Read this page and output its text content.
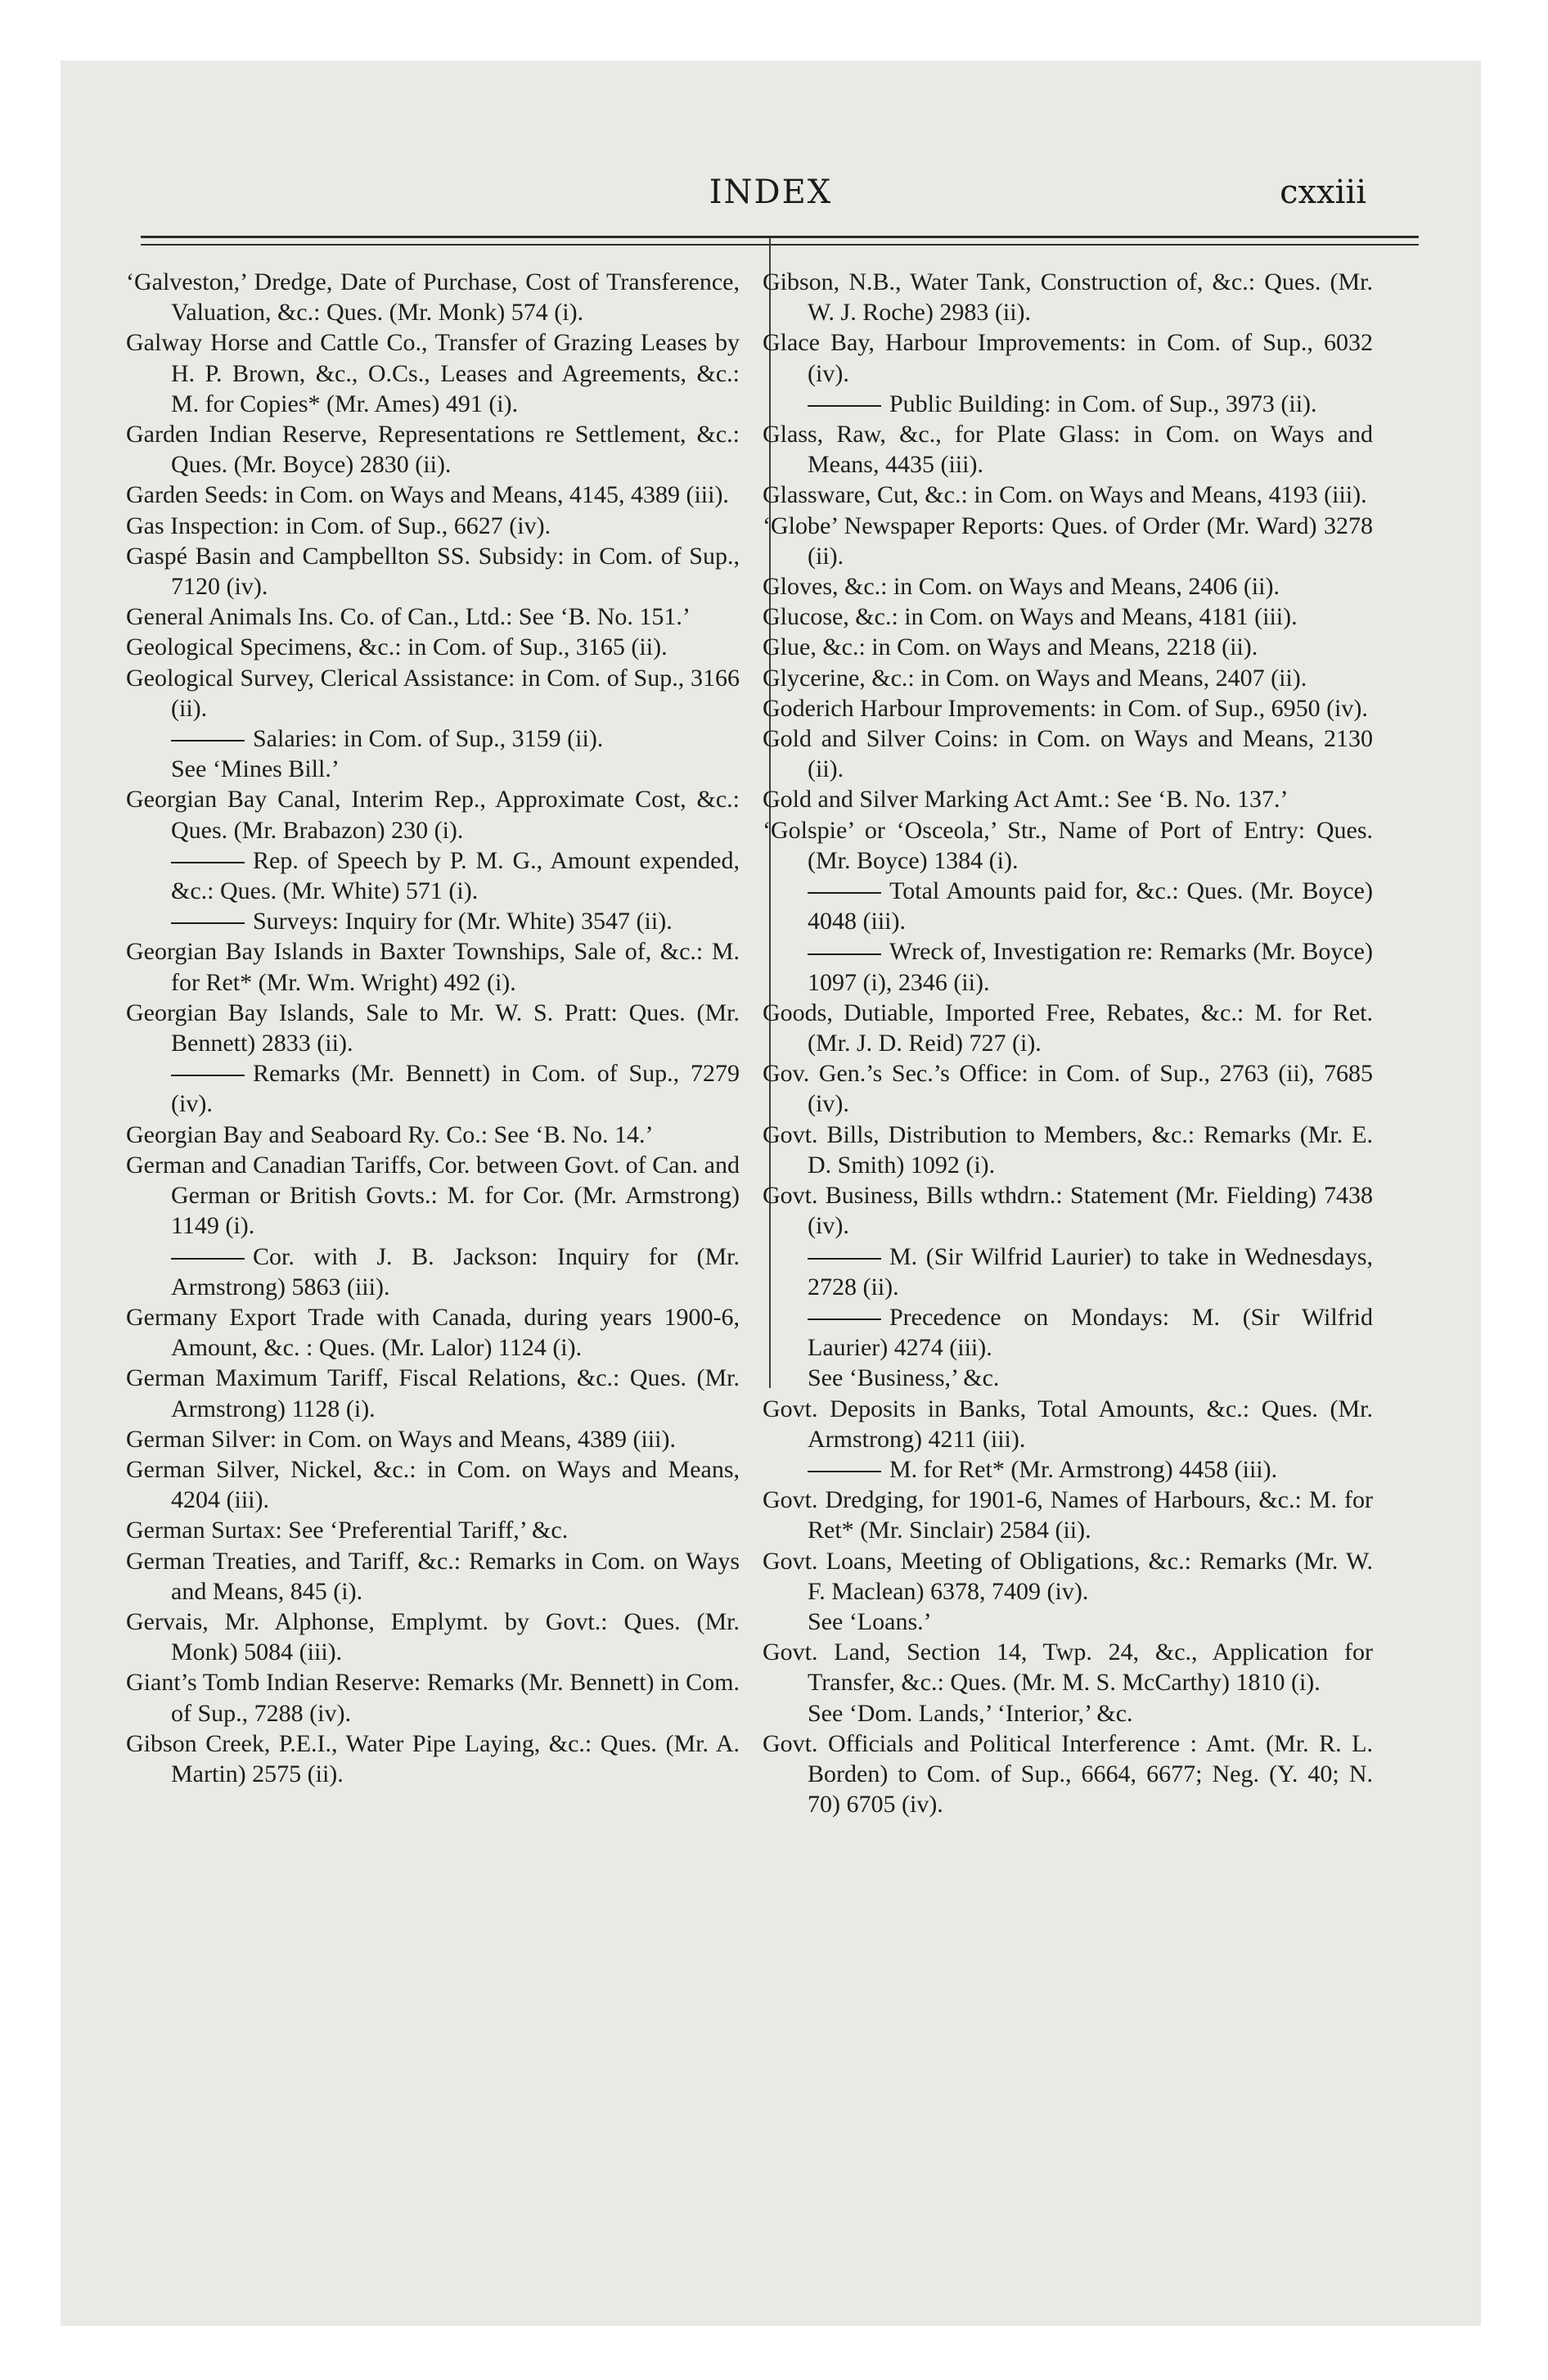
INDEX	cxxiii

‘Galveston,’ Dredge, Date of Purchase, Cost of Transference, Valuation, &c.: Ques. (Mr. Monk) 574 (i).

Galway Horse and Cattle Co., Transfer of Grazing Leases by H. P. Brown, &c., O.Cs., Leases and Agreements, &c.: M. for Copies* (Mr. Ames) 491 (i).

Garden Indian Reserve, Representations re Settlement, &c.: Ques. (Mr. Boyce) 2830 (ii).

Garden Seeds: in Com. on Ways and Means, 4145, 4389 (iii).

Gas Inspection: in Com. of Sup., 6627 (iv).

Gaspé Basin and Campbellton SS. Subsidy: in Com. of Sup., 7120 (iv).

General Animals Ins. Co. of Can., Ltd.: See ‘B. No. 151.’

Geological Specimens, &c.: in Com. of Sup., 3165 (ii).

Geological Survey, Clerical Assistance: in Com. of Sup., 3166 (ii).

Salaries: in Com. of Sup., 3159 (ii).

See ‘Mines Bill.’

Georgian Bay Canal, Interim Rep., Approximate Cost, &c.: Ques. (Mr. Brabazon) 230 (i).

Rep. of Speech by P. M. G., Amount expended, &c.: Ques. (Mr. White) 571 (i).

Surveys: Inquiry for (Mr. White) 3547 (ii).

Georgian Bay Islands in Baxter Townships, Sale of, &c.: M. for Ret* (Mr. Wm. Wright) 492 (i).

Georgian Bay Islands, Sale to Mr. W. S. Pratt: Ques. (Mr. Bennett) 2833 (ii).

Remarks (Mr. Bennett) in Com. of Sup., 7279 (iv).

Georgian Bay and Seaboard Ry. Co.: See ‘B. No. 14.’

German and Canadian Tariffs, Cor. between Govt. of Can. and German or British Govts.: M. for Cor. (Mr. Armstrong) 1149 (i).

Cor. with J. B. Jackson: Inquiry for (Mr. Armstrong) 5863 (iii).

Germany Export Trade with Canada, during years 1900-6, Amount, &c. : Ques. (Mr. Lalor) 1124 (i).

German Maximum Tariff, Fiscal Relations, &c.: Ques. (Mr. Armstrong) 1128 (i).

German Silver: in Com. on Ways and Means, 4389 (iii).

German Silver, Nickel, &c.: in Com. on Ways and Means, 4204 (iii).

German Surtax: See ‘Preferential Tariff,’ &c.

German Treaties, and Tariff, &c.: Remarks in Com. on Ways and Means, 845 (i).

Gervais, Mr. Alphonse, Emplymt. by Govt.: Ques. (Mr. Monk) 5084 (iii).

Giant’s Tomb Indian Reserve: Remarks (Mr. Bennett) in Com. of Sup., 7288 (iv).

Gibson Creek, P.E.I., Water Pipe Laying, &c.: Ques. (Mr. A. Martin) 2575 (ii).

Gibson, N.B., Water Tank, Construction of, &c.: Ques. (Mr. W. J. Roche) 2983 (ii).

Glace Bay, Harbour Improvements: in Com. of Sup., 6032 (iv).

Public Building: in Com. of Sup., 3973 (ii).

Glass, Raw, &c., for Plate Glass: in Com. on Ways and Means, 4435 (iii).

Glassware, Cut, &c.: in Com. on Ways and Means, 4193 (iii).

‘Globe’ Newspaper Reports: Ques. of Order (Mr. Ward) 3278 (ii).

Gloves, &c.: in Com. on Ways and Means, 2406 (ii).

Glucose, &c.: in Com. on Ways and Means, 4181 (iii).

Glue, &c.: in Com. on Ways and Means, 2218 (ii).

Glycerine, &c.: in Com. on Ways and Means, 2407 (ii).

Goderich Harbour Improvements: in Com. of Sup., 6950 (iv).

Gold and Silver Coins: in Com. on Ways and Means, 2130 (ii).

Gold and Silver Marking Act Amt.: See ‘B. No. 137.’

‘Golspie’ or ‘Osceola,’ Str., Name of Port of Entry: Ques. (Mr. Boyce) 1384 (i).

Total Amounts paid for, &c.: Ques. (Mr. Boyce) 4048 (iii).

Wreck of, Investigation re: Remarks (Mr. Boyce) 1097 (i), 2346 (ii).

Goods, Dutiable, Imported Free, Rebates, &c.: M. for Ret. (Mr. J. D. Reid) 727 (i).

Gov. Gen.’s Sec.’s Office: in Com. of Sup., 2763 (ii), 7685 (iv).

Govt. Bills, Distribution to Members, &c.: Remarks (Mr. E. D. Smith) 1092 (i).

Govt. Business, Bills wthdrn.: Statement (Mr. Fielding) 7438 (iv).

M. (Sir Wilfrid Laurier) to take in Wednesdays, 2728 (ii).

Precedence on Mondays: M. (Sir Wilfrid Laurier) 4274 (iii).

See ‘Business,’ &c.

Govt. Deposits in Banks, Total Amounts, &c.: Ques. (Mr. Armstrong) 4211 (iii).

M. for Ret* (Mr. Armstrong) 4458 (iii).

Govt. Dredging, for 1901-6, Names of Harbours, &c.: M. for Ret* (Mr. Sinclair) 2584 (ii).

Govt. Loans, Meeting of Obligations, &c.: Remarks (Mr. W. F. Maclean) 6378, 7409 (iv).

See ‘Loans.’

Govt. Land, Section 14, Twp. 24, &c., Application for Transfer, &c.: Ques. (Mr. M. S. McCarthy) 1810 (i).

See ‘Dom. Lands,’ ‘Interior,’ &c.

Govt. Officials and Political Interference : Amt. (Mr. R. L. Borden) to Com. of Sup., 6664, 6677; Neg. (Y. 40; N. 70) 6705 (iv).
